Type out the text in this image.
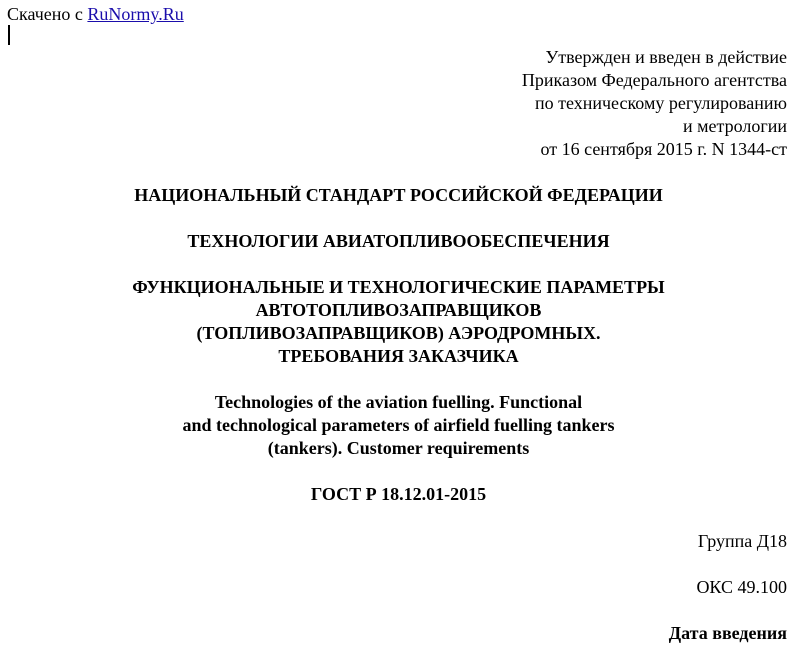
Скачено с RuNormy.Ru
Утвержден и введен в действие
Приказом Федерального агентства
по техническому регулированию
и метрологии
от 16 сентября 2015 г. N 1344-ст
НАЦИОНАЛЬНЫЙ СТАНДАРТ РОССИЙСКОЙ ФЕДЕРАЦИИ
ТЕХНОЛОГИИ АВИАТОПЛИВООБЕСПЕЧЕНИЯ
ФУНКЦИОНАЛЬНЫЕ И ТЕХНОЛОГИЧЕСКИЕ ПАРАМЕТРЫ
АВТОТОПЛИВОЗАПРАВЩИКОВ
(ТОПЛИВОЗАПРАВЩИКОВ) АЭРОДРОМНЫХ.
ТРЕБОВАНИЯ ЗАКАЗЧИКА
Technologies of the aviation fuelling. Functional
and technological parameters of airfield fuelling tankers
(tankers). Customer requirements
ГОСТ Р 18.12.01-2015
Группа Д18
ОКС 49.100
Дата введения
